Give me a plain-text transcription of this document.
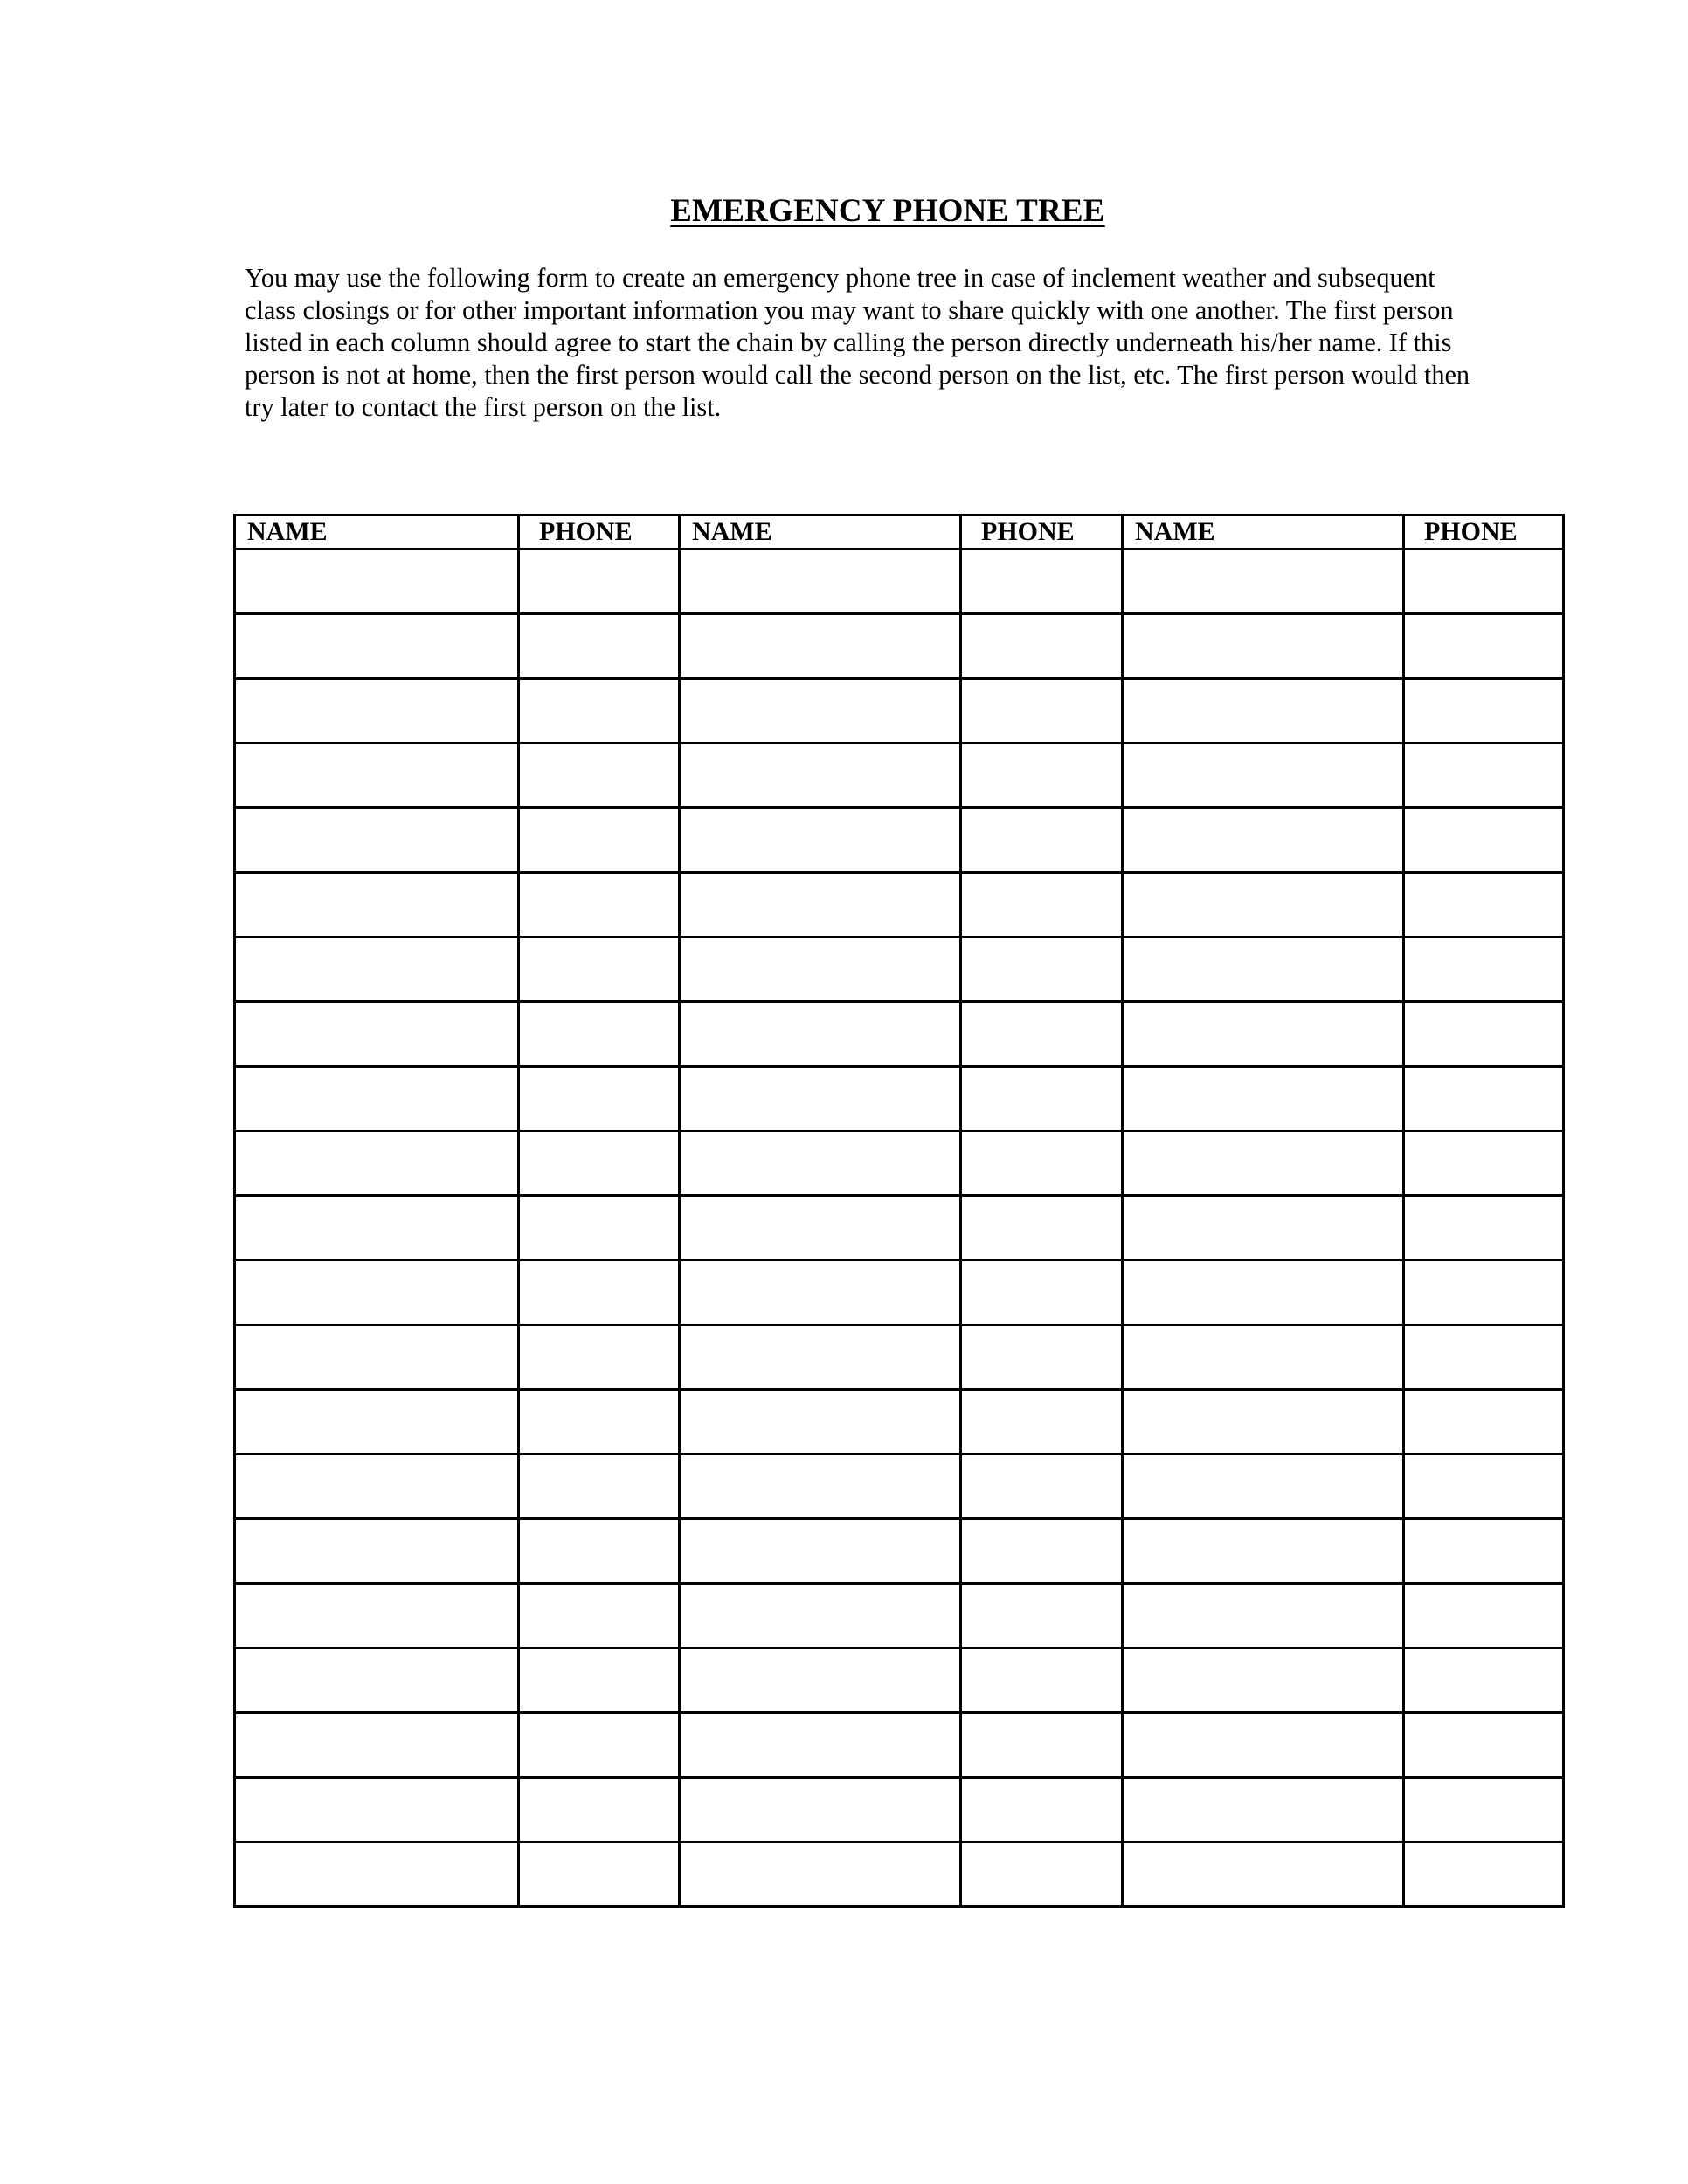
EMERGENCY PHONE TREE

You may use the following form to create an emergency phone tree in case of inclement weather and subsequent
class closings or for other important information you may want to share quickly with one another. The first person
listed in each column should agree to start the chain by calling the person directly underneath his/her name. If this
person is not at home, then the first person would call the second person on the list, etc. The first person would then
try later to contact the first person on the list.

NAME	PHONE	NAME	PHONE	NAME	PHONE
